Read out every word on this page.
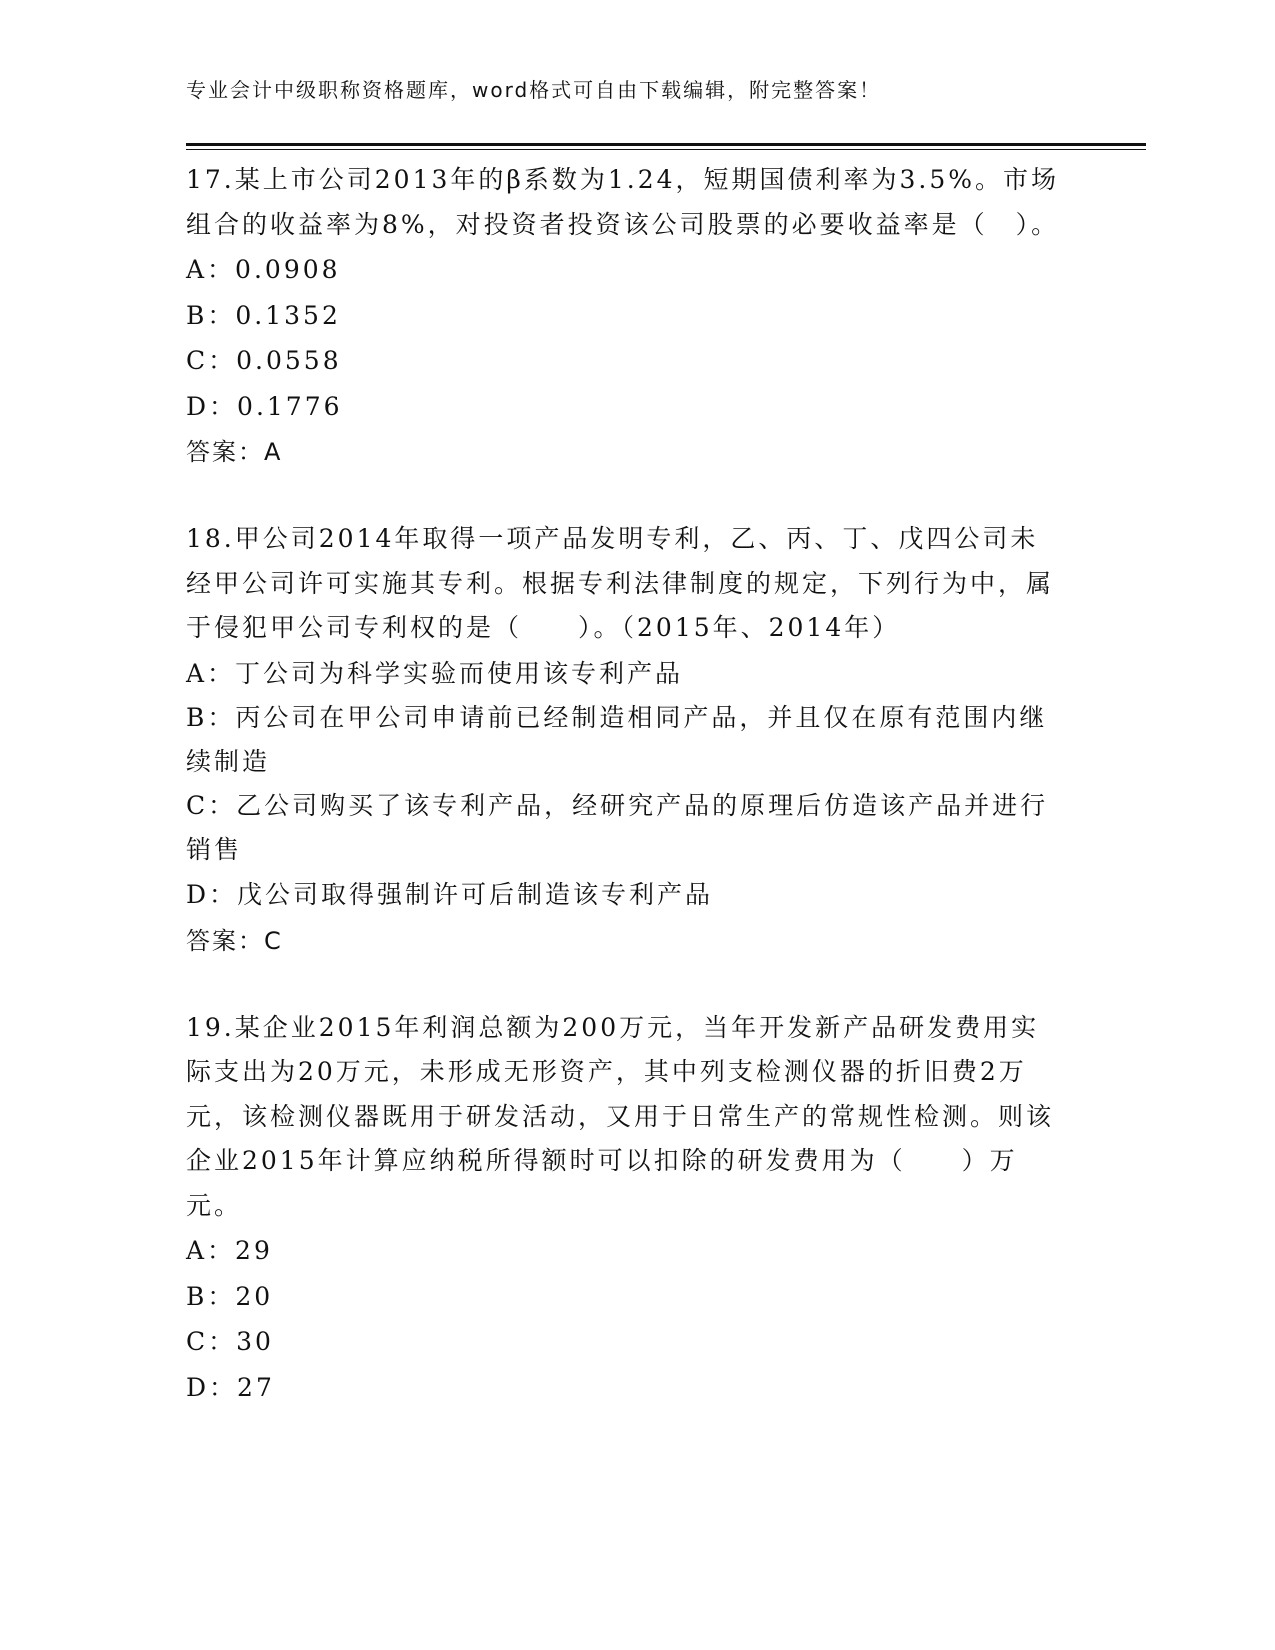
专业会计中级职称资格题库，word格式可自由下载编辑，附完整答案！

17.某上市公司2013年的β系数为1.24，短期国债利率为3.5%。市场组合的收益率为8%，对投资者投资该公司股票的必要收益率是（　）。

A：0.0908

B：0.1352

C：0.0558

D：0.1776

答案：A

18.甲公司2014年取得一项产品发明专利，乙、丙、丁、戊四公司未经甲公司许可实施其专利。根据专利法律制度的规定，下列行为中，属于侵犯甲公司专利权的是（　　）。（2015年、2014年）

A：丁公司为科学实验而使用该专利产品

B：丙公司在甲公司申请前已经制造相同产品，并且仅在原有范围内继续制造

C：乙公司购买了该专利产品，经研究产品的原理后仿造该产品并进行销售

D：戊公司取得强制许可后制造该专利产品

答案：C

19.某企业2015年利润总额为200万元，当年开发新产品研发费用实际支出为20万元，未形成无形资产，其中列支检测仪器的折旧费2万元，该检测仪器既用于研发活动，又用于日常生产的常规性检测。则该企业2015年计算应纳税所得额时可以扣除的研发费用为（　　）万元。

A：29

B：20

C：30

D：27
